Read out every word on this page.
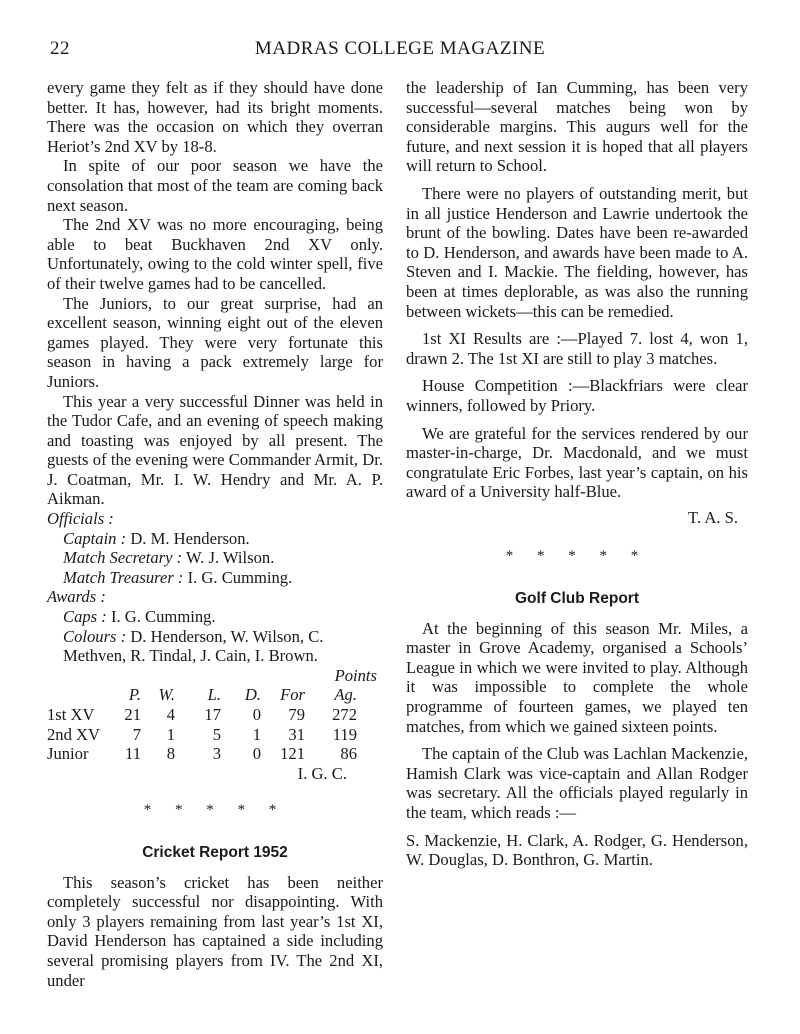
22	MADRAS COLLEGE MAGAZINE

every game they felt as if they should have done better. It has, however, had its bright moments. There was the occasion on which they overran Heriot’s 2nd XV by 18-8.

In spite of our poor season we have the consolation that most of the team are coming back next season.

The 2nd XV was no more encouraging, being able to beat Buckhaven 2nd XV only. Unfortunately, owing to the cold winter spell, five of their twelve games had to be cancelled.

The Juniors, to our great surprise, had an excellent season, winning eight out of the eleven games played. They were very fortunate this season in having a pack extremely large for Juniors.

This year a very successful Dinner was held in the Tudor Cafe, and an evening of speech making and toasting was enjoyed by all present. The guests of the evening were Commander Armit, Dr. J. Coatman, Mr. I. W. Hendry and Mr. A. P. Aikman.

Officials :
Captain : D. M. Henderson.
Match Secretary : W. J. Wilson.
Match Treasurer : I. G. Cumming.
Awards :
Caps : I. G. Cumming.
Colours : D. Henderson, W. Wilson, C. Methven, R. Tindal, J. Cain, I. Brown.
Points
	P.	W.	L.	D.	For	Ag.
1st XV	21	4	17	0	79	272
2nd XV	7	1	5	1	31	119
Junior	11	8	3	0	121	86
I. G. C.
* * * * *
Cricket Report 1952

This season’s cricket has been neither completely successful nor disappointing. With only 3 players remaining from last year’s 1st XI, David Henderson has captained a side including several promising players from IV. The 2nd XI, under

the leadership of Ian Cumming, has been very successful—several matches being won by considerable margins. This augurs well for the future, and next session it is hoped that all players will return to School.

There were no players of outstanding merit, but in all justice Henderson and Lawrie undertook the brunt of the bowling. Dates have been re-awarded to D. Henderson, and awards have been made to A. Steven and I. Mackie. The fielding, however, has been at times deplorable, as was also the running between wickets—this can be remedied.

1st XI Results are :—Played 7. lost 4, won 1, drawn 2. The 1st XI are still to play 3 matches.

House Competition :—Blackfriars were clear winners, followed by Priory.

We are grateful for the services rendered by our master-in-charge, Dr. Macdonald, and we must congratulate Eric Forbes, last year’s captain, on his award of a University half-Blue.

T. A. S.
* * * * *
Golf Club Report

At the beginning of this season Mr. Miles, a master in Grove Academy, organised a Schools’ League in which we were invited to play. Although it was impossible to complete the whole programme of fourteen games, we played ten matches, from which we gained sixteen points.

The captain of the Club was Lachlan Mackenzie, Hamish Clark was vice-captain and Allan Rodger was secretary. All the officials played regularly in the team, which reads :—

S. Mackenzie, H. Clark, A. Rodger, G. Henderson, W. Douglas, D. Bonthron, G. Martin.
